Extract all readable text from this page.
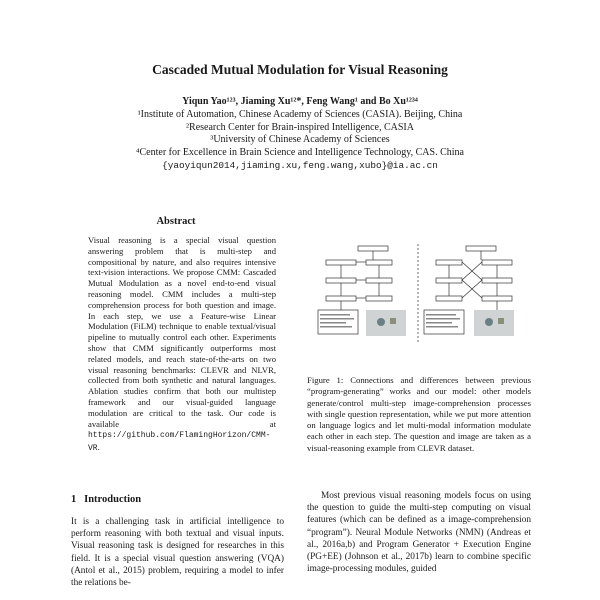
Cascaded Mutual Modulation for Visual Reasoning
Yiqun Yao¹²³, Jiaming Xu¹²*, Feng Wang¹ and Bo Xu¹²³⁴
¹Institute of Automation, Chinese Academy of Sciences (CASIA). Beijing, China
²Research Center for Brain-inspired Intelligence, CASIA
³University of Chinese Academy of Sciences
⁴Center for Excellence in Brain Science and Intelligence Technology, CAS. China
{yaoyiqun2014,jiaming.xu,feng.wang,xubo}@ia.ac.cn
Abstract
Visual reasoning is a special visual question answering problem that is multi-step and compositional by nature, and also requires intensive text-vision interactions. We propose CMM: Cascaded Mutual Modulation as a novel end-to-end visual reasoning model. CMM includes a multi-step comprehension process for both question and image. In each step, we use a Feature-wise Linear Modulation (FiLM) technique to enable textual/visual pipeline to mutually control each other. Experiments show that CMM significantly outperforms most related models, and reach state-of-the-arts on two visual reasoning benchmarks: CLEVR and NLVR, collected from both synthetic and natural languages. Ablation studies confirm that both our multistep framework and our visual-guided language modulation are critical to the task. Our code is available at https://github.com/FlamingHorizon/CMM-VR.
1 Introduction
It is a challenging task in artificial intelligence to perform reasoning with both textual and visual inputs. Visual reasoning task is designed for researches in this field. It is a special visual question answering (VQA) (Antol et al., 2015) problem, requiring a model to infer the relations be-
Figure 1: Connections and differences between previous “program-generating” works and our model: other models generate/control multi-step image-comprehension processes with single question representation, while we put more attention on language logics and let multi-modal information modulate each other in each step. The question and image are taken as a visual-reasoning example from CLEVR dataset.
Most previous visual reasoning models focus on using the question to guide the multi-step computing on visual features (which can be defined as a image-comprehension “program”). Neural Module Networks (NMN) (Andreas et al., 2016a,b) and Program Generator + Execution Engine (PG+EE) (Johnson et al., 2017b) learn to combine specific image-processing modules, guided
